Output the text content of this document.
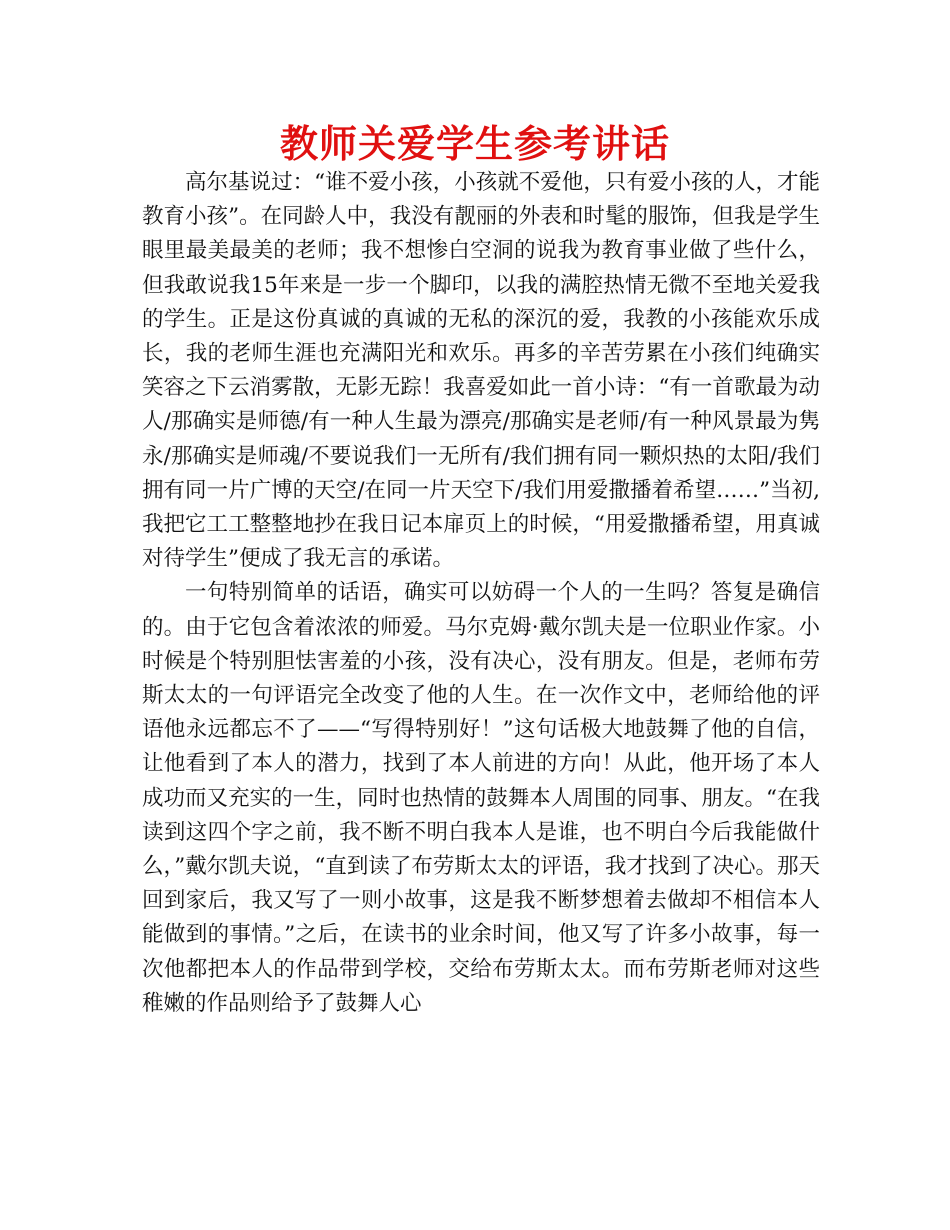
教师关爱学生参考讲话

高尔基说过：“谁不爱小孩，小孩就不爱他，只有爱小孩的人，才能教育小孩”。在同龄人中，我没有靓丽的外表和时髦的服饰，但我是学生眼里最美最美的老师；我不想惨白空洞的说我为教育事业做了些什么，但我敢说我15年来是一步一个脚印，以我的满腔热情无微不至地关爱我的学生。正是这份真诚的真诚的无私的深沉的爱，我教的小孩能欢乐成长，我的老师生涯也充满阳光和欢乐。再多的辛苦劳累在小孩们纯确实笑容之下云消雾散，无影无踪！我喜爱如此一首小诗：“有一首歌最为动人/那确实是师德/有一种人生最为漂亮/那确实是老师/有一种风景最为隽永/那确实是师魂/不要说我们一无所有/我们拥有同一颗炽热的太阳/我们拥有同一片广博的天空/在同一片天空下/我们用爱撒播着希望……”当初,我把它工工整整地抄在我日记本扉页上的时候，“用爱撒播希望，用真诚对待学生”便成了我无言的承诺。

一句特别简单的话语，确实可以妨碍一个人的一生吗？答复是确信的。由于它包含着浓浓的师爱。马尔克姆·戴尔凯夫是一位职业作家。小时候是个特别胆怯害羞的小孩，没有决心，没有朋友。但是，老师布劳斯太太的一句评语完全改变了他的人生。在一次作文中，老师给他的评语他永远都忘不了——“写得特别好！”这句话极大地鼓舞了他的自信，让他看到了本人的潜力，找到了本人前进的方向！从此，他开场了本人成功而又充实的一生，同时也热情的鼓舞本人周围的同事、朋友。“在我读到这四个字之前，我不断不明白我本人是谁，也不明白今后我能做什么，”戴尔凯夫说，“直到读了布劳斯太太的评语，我才找到了决心。那天回到家后，我又写了一则小故事，这是我不断梦想着去做却不相信本人能做到的事情。”之后，在读书的业余时间，他又写了许多小故事，每一次他都把本人的作品带到学校，交给布劳斯太太。而布劳斯老师对这些稚嫩的作品则给予了鼓舞人心
